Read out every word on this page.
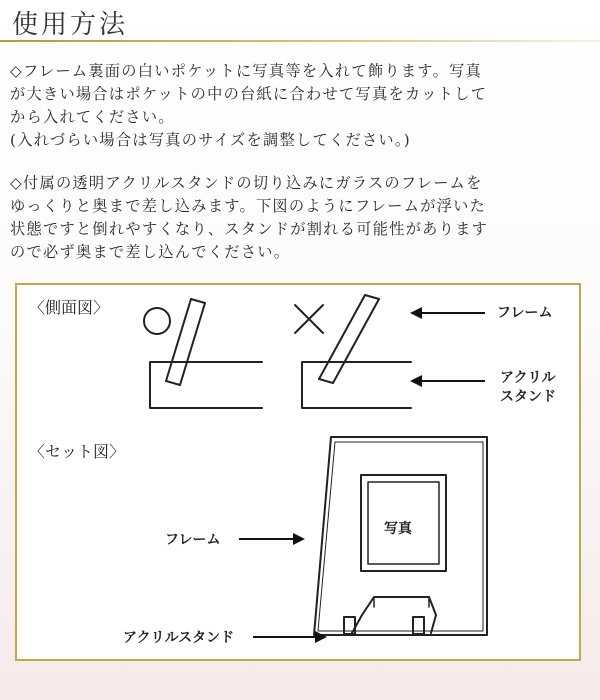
使用方法
◇フレーム裏面の白いポケットに写真等を入れて飾ります。写真
が大きい場合はポケットの中の台紙に合わせて写真をカットして
から入れてください。
(入れづらい場合は写真のサイズを調整してください。)
◇付属の透明アクリルスタンドの切り込みにガラスのフレームを
ゆっくりと奥まで差し込みます。下図のようにフレームが浮いた
状態ですと倒れやすくなり、スタンドが割れる可能性があります
ので必ず奥まで差し込んでください。
〈側面図〉	フレーム
アクリル
スタンド
〈セット図〉
写真
フレーム
アクリルスタンド
